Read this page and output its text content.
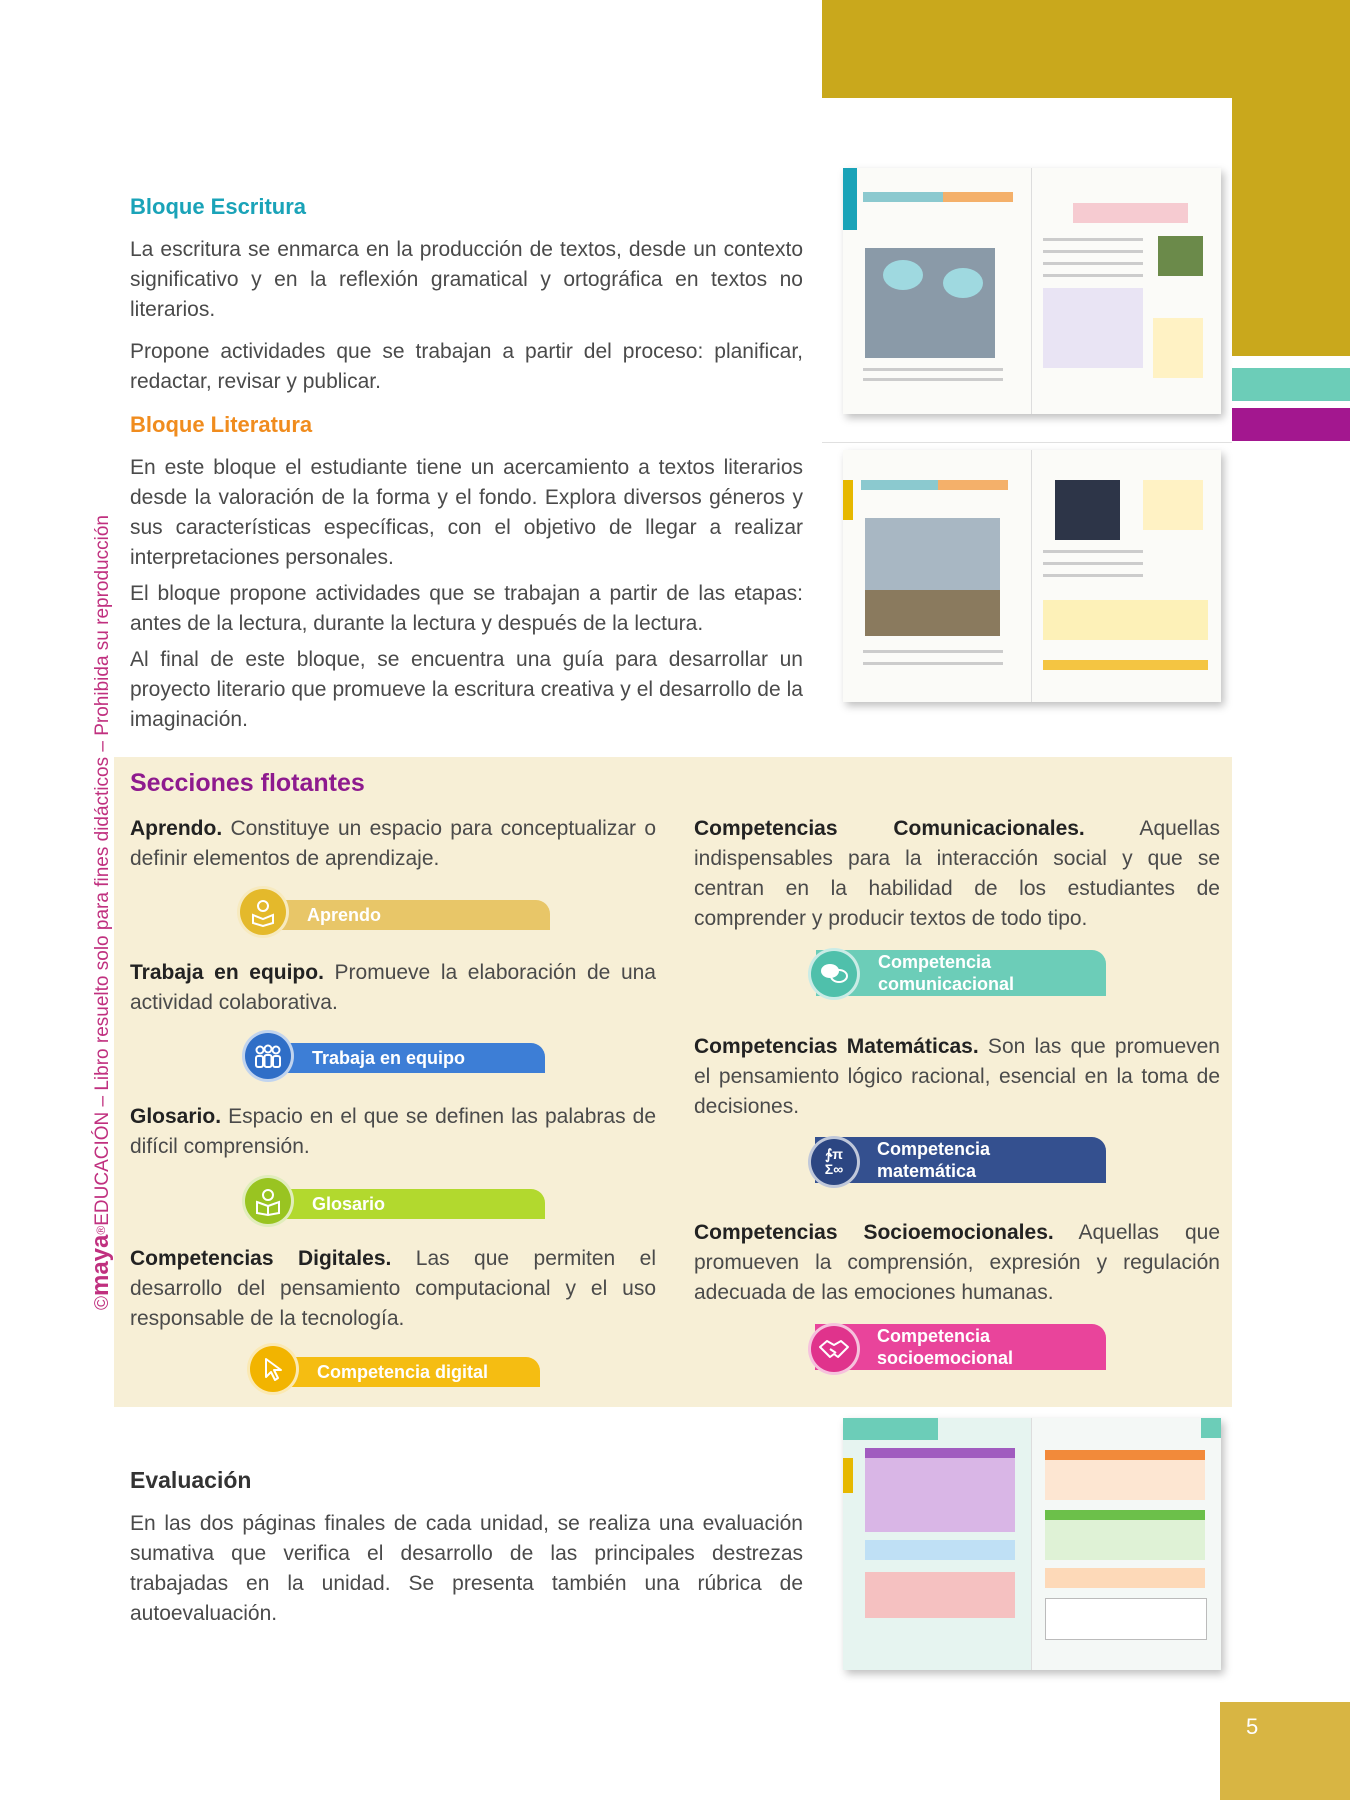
©maya®EDUCACIÓN – Libro resuelto solo para fines didácticos – Prohibida su reproducción
Bloque Escritura

La escritura se enmarca en la producción de textos, desde un contexto significativo y en la reflexión gramatical y ortográfica en textos no literarios.

Propone actividades que se trabajan a partir del proceso: planificar, redactar, revisar y publicar.

Bloque Literatura

En este bloque el estudiante tiene un acercamiento a textos literarios desde la valoración de la forma y el fondo. Explora diversos géneros y sus características específicas, con el objetivo de llegar a realizar interpretaciones personales.

El bloque propone actividades que se trabajan a partir de las etapas: antes de la lectura, durante la lectura y después de la lectura.

Al final de este bloque, se encuentra una guía para desarrollar un proyecto literario que promueve la escritura creativa y el desarrollo de la imaginación.

Secciones flotantes

Aprendo. Constituye un espacio para conceptualizar o definir elementos de aprendizaje.

Aprendo

Trabaja en equipo. Promueve la elaboración de una actividad colaborativa.

Trabaja en equipo

Glosario. Espacio en el que se definen las palabras de difícil comprensión.

Glosario

Competencias Digitales. Las que permiten el desarrollo del pensamiento computacional y el uso responsable de la tecnología.

Competencia digital

Competencias Comunicacionales. Aquellas indispensables para la interacción social y que se centran en la habilidad de los estudiantes de comprender y producir textos de todo tipo.

Competencia
comunicacional

Competencias Matemáticas. Son las que promueven el pensamiento lógico racional, esencial en la toma de decisiones.

Competencia
matemática
∱π
Σ∞

Competencias Socioemocionales. Aquellas que promueven la comprensión, expresión y regulación adecuada de las emociones humanas.

Competencia
socioemocional
Evaluación

En las dos páginas finales de cada unidad, se realiza una evaluación sumativa que verifica el desarrollo de las principales destrezas trabajadas en la unidad. Se presenta también una rúbrica de autoevaluación.

5
